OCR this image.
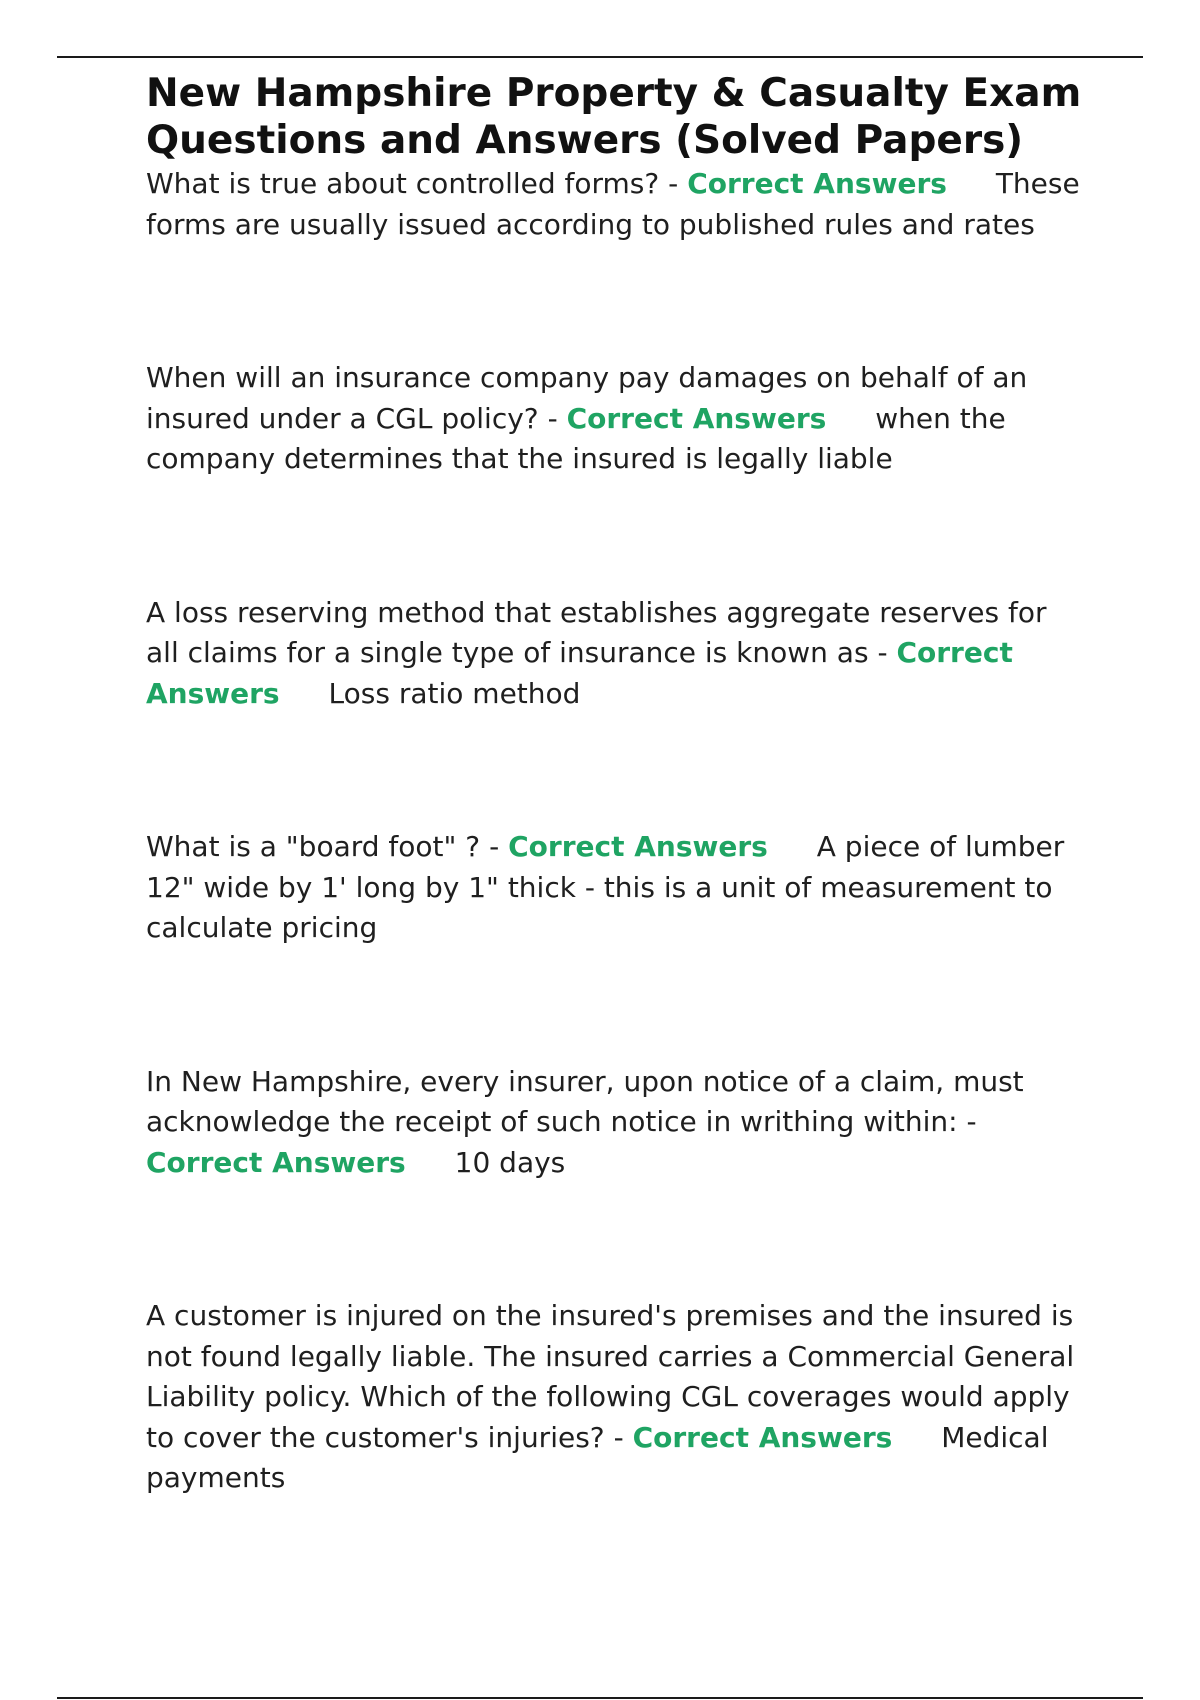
New Hampshire Property & Casualty Exam Questions and Answers (Solved Papers)
What is true about controlled forms? - Correct Answers These forms are usually issued according to published rules and rates
When will an insurance company pay damages on behalf of an insured under a CGL policy? - Correct Answers when the company determines that the insured is legally liable
A loss reserving method that establishes aggregate reserves for all claims for a single type of insurance is known as - Correct Answers Loss ratio method
What is a "board foot" ? - Correct Answers A piece of lumber 12" wide by 1' long by 1" thick - this is a unit of measurement to calculate pricing
In New Hampshire, every insurer, upon notice of a claim, must acknowledge the receipt of such notice in writhing within: - Correct Answers 10 days
A customer is injured on the insured's premises and the insured is not found legally liable. The insured carries a Commercial General Liability policy. Which of the following CGL coverages would apply to cover the customer's injuries? - Correct Answers Medical payments
